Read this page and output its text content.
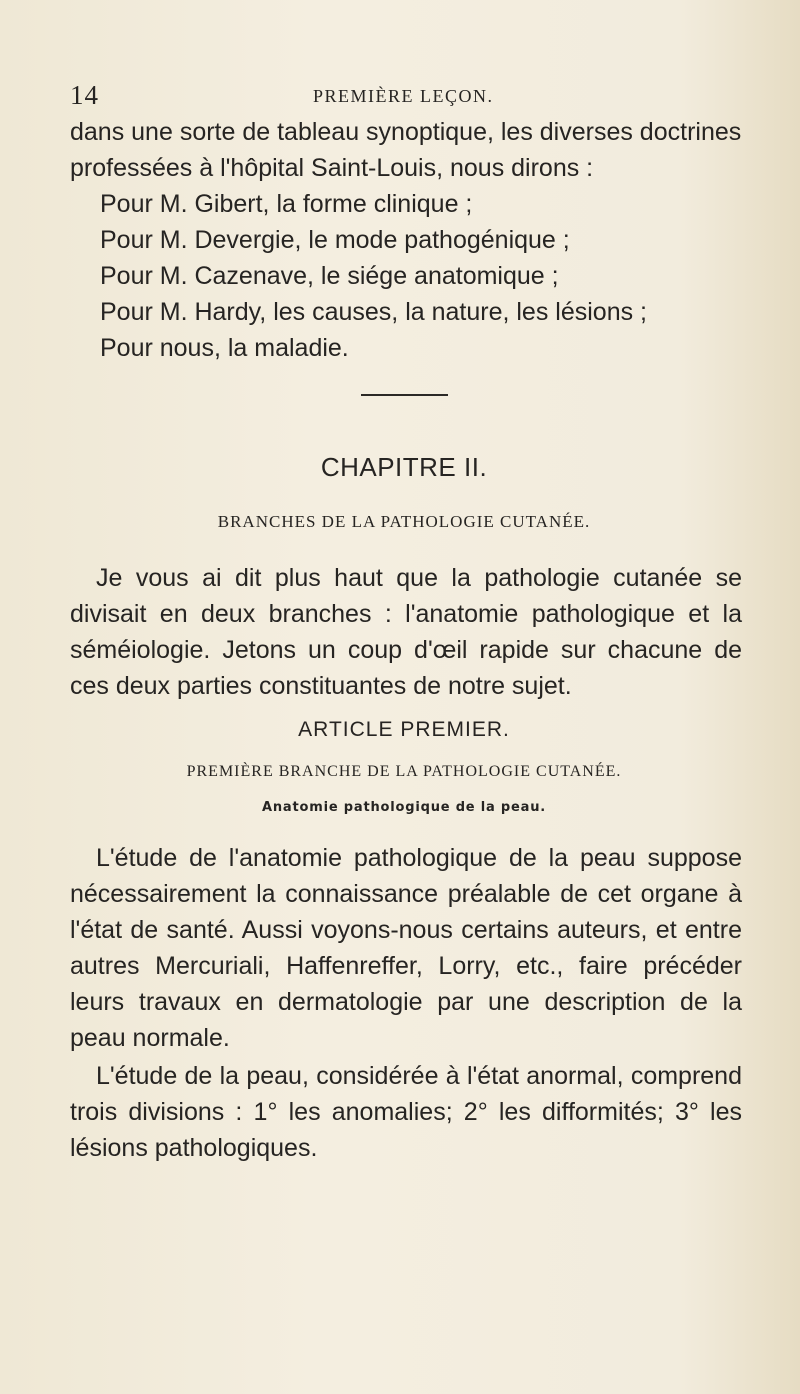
14	PREMIÈRE LEÇON.

dans une sorte de tableau synoptique, les diverses doctrines

professées à l'hôpital Saint-Louis, nous dirons :

Pour M. Gibert, la forme clinique ;
Pour M. Devergie, le mode pathogénique ;
Pour M. Cazenave, le siége anatomique ;
Pour M. Hardy, les causes, la nature, les lésions ;
Pour nous, la maladie.
CHAPITRE II.
BRANCHES DE LA PATHOLOGIE CUTANÉE.

Je vous ai dit plus haut que la pathologie cutanée se divisait en deux branches : l'anatomie pathologique et la séméiologie. Jetons un coup d'œil rapide sur chacune de ces deux parties constituantes de notre sujet.

ARTICLE PREMIER.
PREMIÈRE BRANCHE DE LA PATHOLOGIE CUTANÉE.
Anatomie pathologique de la peau.

L'étude de l'anatomie pathologique de la peau suppose nécessairement la connaissance préalable de cet organe à l'état de santé. Aussi voyons-nous certains auteurs, et entre autres Mercuriali, Haffenreffer, Lorry, etc., faire précéder leurs travaux en dermatologie par une description de la peau normale.

L'étude de la peau, considérée à l'état anormal, comprend trois divisions : 1° les anomalies; 2° les difformités; 3° les lésions pathologiques.
